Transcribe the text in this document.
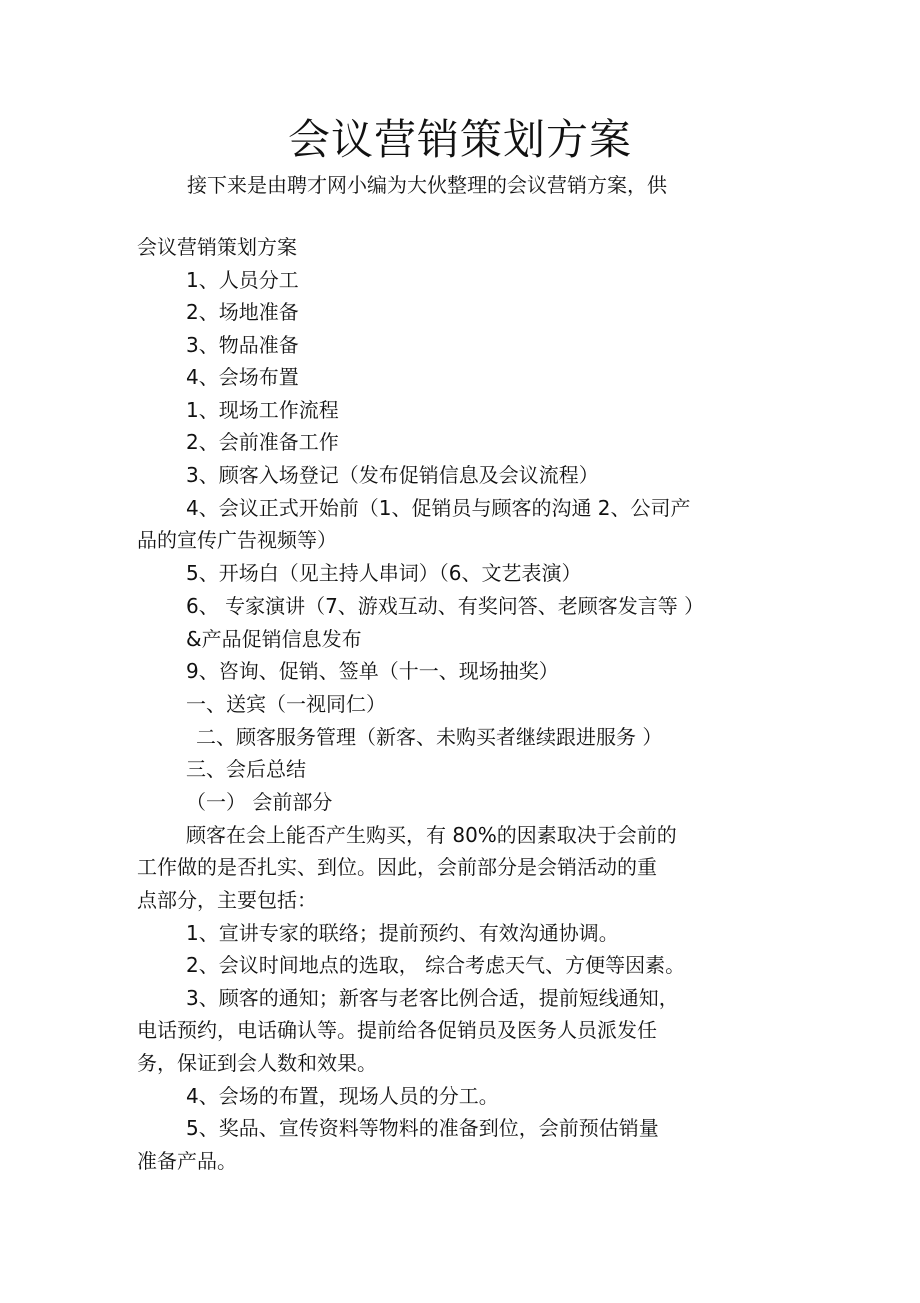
会议营销策划方案
接下来是由聘才网小编为大伙整理的会议营销方案，供
会议营销策划方案
1、人员分工
2、场地准备
3、物品准备
4、会场布置
1、现场工作流程
2、会前准备工作
3、顾客入场登记（发布促销信息及会议流程）
4、会议正式开始前（1、促销员与顾客的沟通 2、公司产
品的宣传广告视频等）
5、开场白（见主持人串词）（6、文艺表演）
6、 专家演讲（7、游戏互动、有奖问答、老顾客发言等 ）
&产品促销信息发布
9、咨询、促销、签单（十一、现场抽奖）
一、送宾（一视同仁）
二、顾客服务管理（新客、未购买者继续跟进服务 ）
三、会后总结
（一） 会前部分
顾客在会上能否产生购买，有 80%的因素取决于会前的
工作做的是否扎实、到位。因此，会前部分是会销活动的重
点部分，主要包括：
1、宣讲专家的联络；提前预约、有效沟通协调。
2、会议时间地点的选取， 综合考虑天气、方便等因素。
3、顾客的通知；新客与老客比例合适，提前短线通知，
电话预约，电话确认等。提前给各促销员及医务人员派发任
务，保证到会人数和效果。
4、会场的布置，现场人员的分工。
5、奖品、宣传资料等物料的准备到位，会前预估销量
准备产品。
